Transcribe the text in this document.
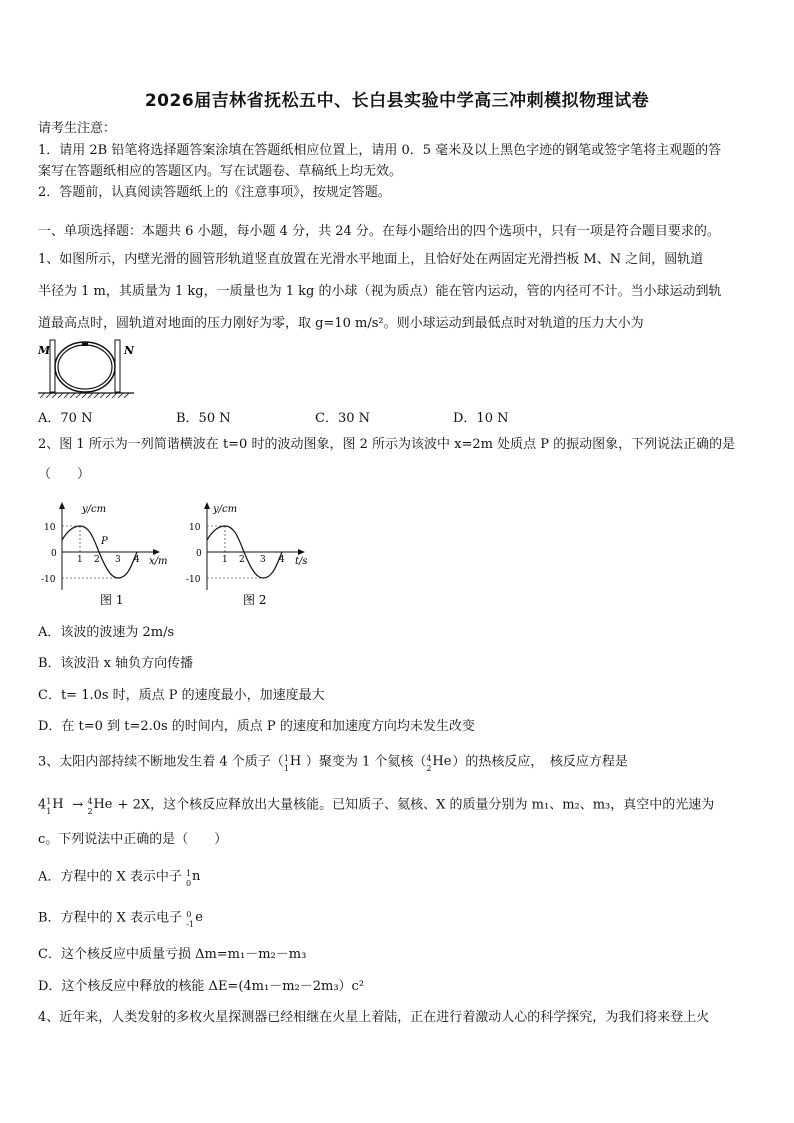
2026届吉林省抚松五中、长白县实验中学高三冲刺模拟物理试卷
请考生注意：
1．请用 2B 铅笔将选择题答案涂填在答题纸相应位置上，请用 0．5 毫米及以上黑色字迹的钢笔或签字笔将主观题的答
案写在答题纸相应的答题区内。写在试题卷、草稿纸上均无效。
2．答题前，认真阅读答题纸上的《注意事项》，按规定答题。
一、单项选择题：本题共 6 小题，每小题 4 分，共 24 分。在每小题给出的四个选项中，只有一项是符合题目要求的。
1、如图所示，内壁光滑的圆管形轨道竖直放置在光滑水平地面上，且恰好处在两固定光滑挡板 M、N 之间，圆轨道
半径为 1 m，其质量为 1 kg，一质量也为 1 kg 的小球（视为质点）能在管内运动，管的内径可不计。当小球运动到轨
道最高点时，圆轨道对地面的压力刚好为零，取 g=10 m/s²。则小球运动到最低点时对轨道的压力大小为
M	N
A．70 N	B．50 N	C．30 N	D．10 N
2、图 1 所示为一列简谐横波在 t=0 时的波动图象，图 2 所示为该波中 x=2m 处质点 P 的振动图象，下列说法正确的是
（　　）
y/cm
x/m
10
0
-10
1 2 3 4
P
图 1
y/cm
t/s
10
0
-10
1 2 3 4
图 2
A．该波的波速为 2m/s
B．该波沿 x 轴负方向传播
C．t= 1.0s 时，质点 P 的速度最小，加速度最大
D．在 t=0 到 t=2.0s 的时间内，质点 P 的速度和加速度方向均未发生改变
3、太阳内部持续不断地发生着 4 个质子（ 1
1 H ）聚变为 1 个氦核（ 4
2 He ）的热核反应，　核反应方程是
4 1
1 H → 4
2 He + 2X，这个核反应释放出大量核能。已知质子、氦核、X 的质量分别为 m₁、m₂、m₃，真空中的光速为
c。下列说法中正确的是（　　）
A．方程中的 X 表示中子 1
0 n
B．方程中的 X 表示电子 0
-1 e
C．这个核反应中质量亏损 Δm=m₁－m₂－m₃
D．这个核反应中释放的核能 ΔE=(4m₁－m₂－2m₃）c²
4、近年来，人类发射的多枚火星探测器已经相继在火星上着陆，正在进行着激动人心的科学探究，为我们将来登上火
